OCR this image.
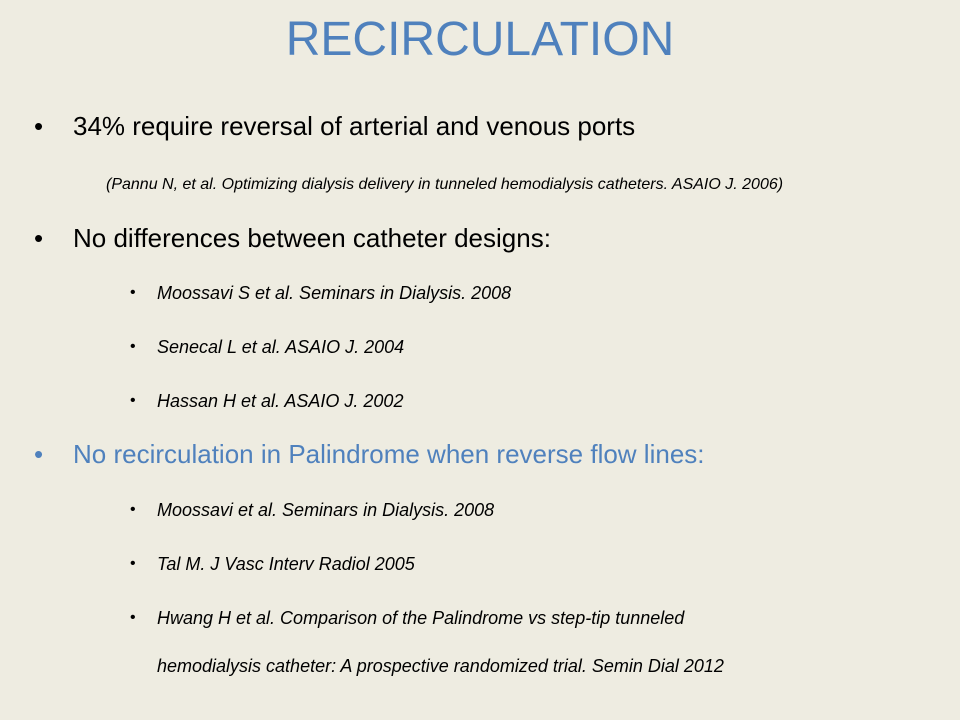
RECIRCULATION
• 34% require reversal of arterial and venous ports
(Pannu N, et al. Optimizing dialysis delivery in tunneled hemodialysis catheters. ASAIO J. 2006)
• No differences between catheter designs:
• Moossavi S et al. Seminars in Dialysis. 2008
• Senecal L et al. ASAIO J. 2004
• Hassan H et al. ASAIO J. 2002
• No recirculation in Palindrome when reverse flow lines:
• Moossavi et al. Seminars in Dialysis. 2008
• Tal M. J Vasc Interv Radiol 2005
• Hwang H et al. Comparison of the Palindrome vs step-tip tunneled
hemodialysis catheter: A prospective randomized trial. Semin Dial 2012
